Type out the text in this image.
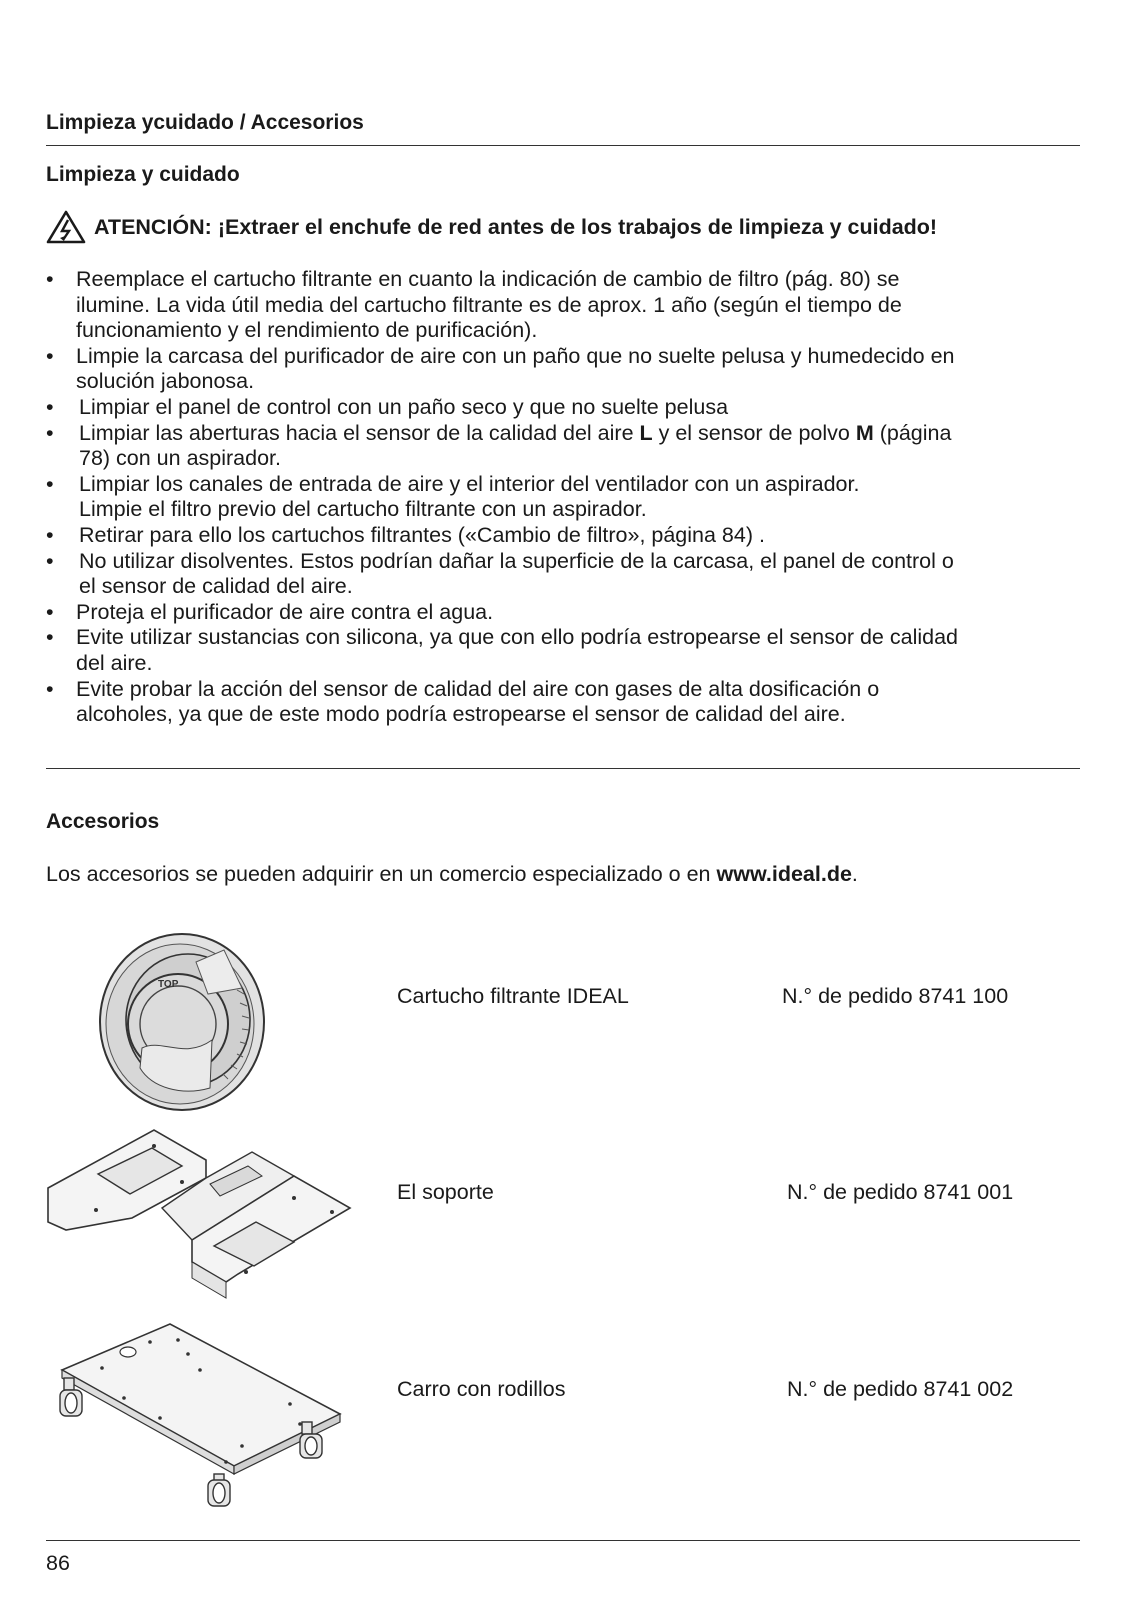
Limpieza ycuidado / Accesorios
Limpieza y cuidado
ATENCIÓN: ¡Extraer el enchufe de red antes de los trabajos de limpieza y cuidado!
• Reemplace el cartucho filtrante en cuanto la indicación de cambio de filtro (pág. 80) se
ilumine. La vida útil media del cartucho filtrante es de aprox. 1 año (según el tiempo de
funcionamiento y el rendimiento de purificación).
• Limpie la carcasa del purificador de aire con un paño que no suelte pelusa y humedecido en
solución jabonosa.
• Limpiar el panel de control con un paño seco y que no suelte pelusa
• Limpiar las aberturas hacia el sensor de la calidad del aire L y el sensor de polvo M (página
78) con un aspirador.
• Limpiar los canales de entrada de aire y el interior del ventilador con un aspirador.
Limpie el filtro previo del cartucho filtrante con un aspirador.
• Retirar para ello los cartuchos filtrantes («Cambio de filtro», página 84) .
• No utilizar disolventes. Estos podrían dañar la superficie de la carcasa, el panel de control o
el sensor de calidad del aire.
• Proteja el purificador de aire contra el agua.
• Evite utilizar sustancias con silicona, ya que con ello podría estropearse el sensor de calidad
del aire.
• Evite probar la acción del sensor de calidad del aire con gases de alta dosificación o
alcoholes, ya que de este modo podría estropearse el sensor de calidad del aire.
Accesorios
Los accesorios se pueden adquirir en un comercio especializado o en www.ideal.de.
TOP	Cartucho filtrante IDEAL	N.° de pedido 8741 100
El soporte	N.° de pedido 8741 001
Carro con rodillos	N.° de pedido 8741 002
86
